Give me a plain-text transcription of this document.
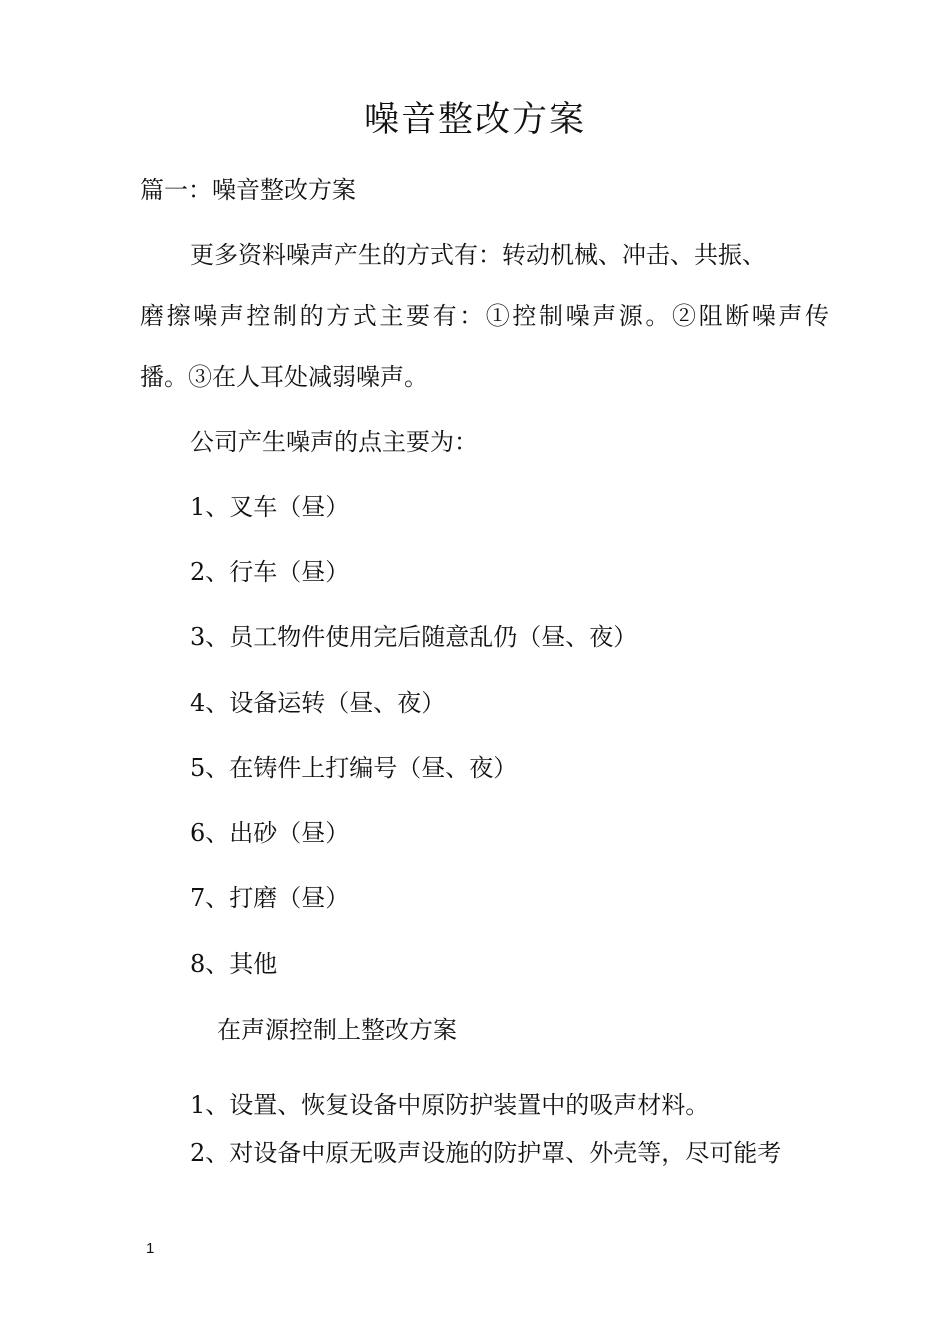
噪音整改方案
篇一：噪音整改方案
更多资料噪声产生的方式有：转动机械、冲击、共振、
磨擦噪声控制的方式主要有：①控制噪声源。②阻断噪声传
播。③在人耳处减弱噪声。
公司产生噪声的点主要为：
1、叉车（昼）
2、行车（昼）
3、员工物件使用完后随意乱仍（昼、夜）
4、设备运转（昼、夜）
5、在铸件上打编号（昼、夜）
6、出砂（昼）
7、打磨（昼）
8、其他
在声源控制上整改方案
1、设置、恢复设备中原防护装置中的吸声材料。
2、对设备中原无吸声设施的防护罩、外壳等，尽可能考
1
